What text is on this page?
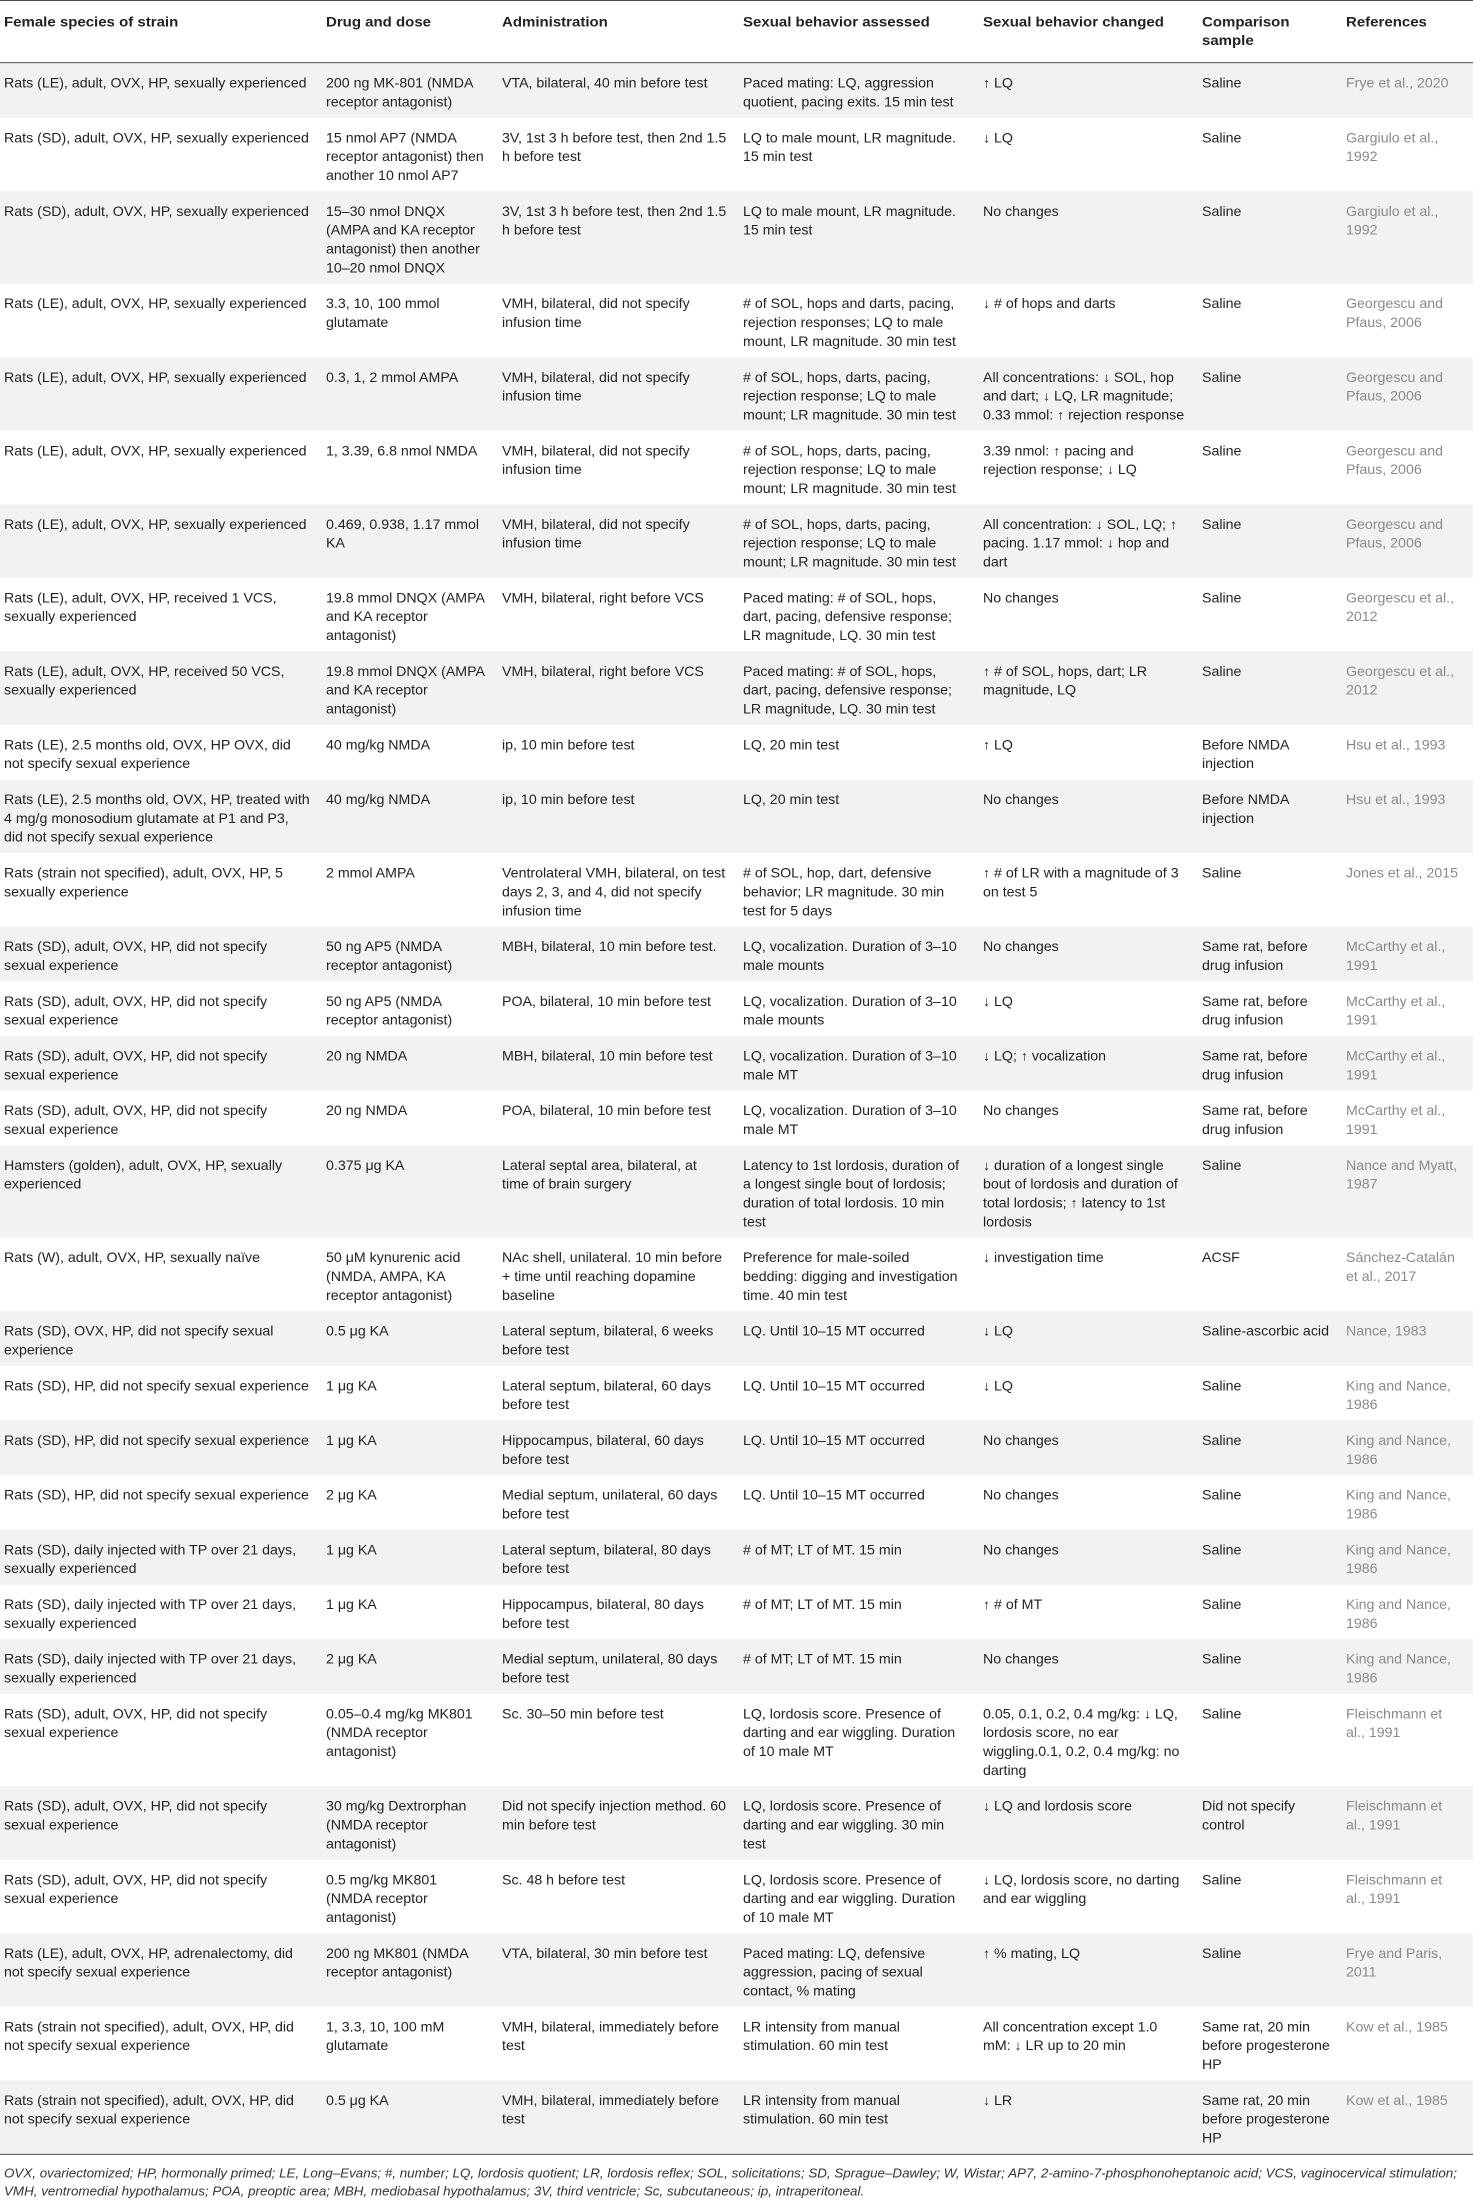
Female species of strain	Drug and dose	Administration	Sexual behavior assessed	Sexual behavior changed	Comparison sample	References
Rats (LE), adult, OVX, HP, sexually experienced	200 ng MK-801 (NMDA receptor antagonist)	VTA, bilateral, 40 min before test	Paced mating: LQ, aggression quotient, pacing exits. 15 min test	↑ LQ	Saline	Frye et al., 2020
Rats (SD), adult, OVX, HP, sexually experienced	15 nmol AP7 (NMDA receptor antagonist) then another 10 nmol AP7	3V, 1st 3 h before test, then 2nd 1.5 h before test	LQ to male mount, LR magnitude. 15 min test	↓ LQ	Saline	Gargiulo et al., 1992
Rats (SD), adult, OVX, HP, sexually experienced	15–30 nmol DNQX (AMPA and KA receptor antagonist) then another 10–20 nmol DNQX	3V, 1st 3 h before test, then 2nd 1.5 h before test	LQ to male mount, LR magnitude. 15 min test	No changes	Saline	Gargiulo et al., 1992
Rats (LE), adult, OVX, HP, sexually experienced	3.3, 10, 100 mmol glutamate	VMH, bilateral, did not specify infusion time	# of SOL, hops and darts, pacing, rejection responses; LQ to male mount, LR magnitude. 30 min test	↓ # of hops and darts	Saline	Georgescu and Pfaus, 2006
Rats (LE), adult, OVX, HP, sexually experienced	0.3, 1, 2 mmol AMPA	VMH, bilateral, did not specify infusion time	# of SOL, hops, darts, pacing, rejection response; LQ to male mount; LR magnitude. 30 min test	All concentrations: ↓ SOL, hop and dart; ↓ LQ, LR magnitude; 0.33 mmol: ↑ rejection response	Saline	Georgescu and Pfaus, 2006
Rats (LE), adult, OVX, HP, sexually experienced	1, 3.39, 6.8 nmol NMDA	VMH, bilateral, did not specify infusion time	# of SOL, hops, darts, pacing, rejection response; LQ to male mount; LR magnitude. 30 min test	3.39 nmol: ↑ pacing and rejection response; ↓ LQ	Saline	Georgescu and Pfaus, 2006
Rats (LE), adult, OVX, HP, sexually experienced	0.469, 0.938, 1.17 mmol KA	VMH, bilateral, did not specify infusion time	# of SOL, hops, darts, pacing, rejection response; LQ to male mount; LR magnitude. 30 min test	All concentration: ↓ SOL, LQ; ↑ pacing. 1.17 mmol: ↓ hop and dart	Saline	Georgescu and Pfaus, 2006
Rats (LE), adult, OVX, HP, received 1 VCS, sexually experienced	19.8 mmol DNQX (AMPA and KA receptor antagonist)	VMH, bilateral, right before VCS	Paced mating: # of SOL, hops, dart, pacing, defensive response; LR magnitude, LQ. 30 min test	No changes	Saline	Georgescu et al., 2012
Rats (LE), adult, OVX, HP, received 50 VCS, sexually experienced	19.8 mmol DNQX (AMPA and KA receptor antagonist)	VMH, bilateral, right before VCS	Paced mating: # of SOL, hops, dart, pacing, defensive response; LR magnitude, LQ. 30 min test	↑ # of SOL, hops, dart; LR magnitude, LQ	Saline	Georgescu et al., 2012
Rats (LE), 2.5 months old, OVX, HP OVX, did not specify sexual experience	40 mg/kg NMDA	ip, 10 min before test	LQ, 20 min test	↑ LQ	Before NMDA injection	Hsu et al., 1993
Rats (LE), 2.5 months old, OVX, HP, treated with 4 mg/g monosodium glutamate at P1 and P3, did not specify sexual experience	40 mg/kg NMDA	ip, 10 min before test	LQ, 20 min test	No changes	Before NMDA injection	Hsu et al., 1993
Rats (strain not specified), adult, OVX, HP, 5 sexually experience	2 mmol AMPA	Ventrolateral VMH, bilateral, on test days 2, 3, and 4, did not specify infusion time	# of SOL, hop, dart, defensive behavior; LR magnitude. 30 min test for 5 days	↑ # of LR with a magnitude of 3 on test 5	Saline	Jones et al., 2015
Rats (SD), adult, OVX, HP, did not specify sexual experience	50 ng AP5 (NMDA receptor antagonist)	MBH, bilateral, 10 min before test.	LQ, vocalization. Duration of 3–10 male mounts	No changes	Same rat, before drug infusion	McCarthy et al., 1991
Rats (SD), adult, OVX, HP, did not specify sexual experience	50 ng AP5 (NMDA receptor antagonist)	POA, bilateral, 10 min before test	LQ, vocalization. Duration of 3–10 male mounts	↓ LQ	Same rat, before drug infusion	McCarthy et al., 1991
Rats (SD), adult, OVX, HP, did not specify sexual experience	20 ng NMDA	MBH, bilateral, 10 min before test	LQ, vocalization. Duration of 3–10 male MT	↓ LQ; ↑ vocalization	Same rat, before drug infusion	McCarthy et al., 1991
Rats (SD), adult, OVX, HP, did not specify sexual experience	20 ng NMDA	POA, bilateral, 10 min before test	LQ, vocalization. Duration of 3–10 male MT	No changes	Same rat, before drug infusion	McCarthy et al., 1991
Hamsters (golden), adult, OVX, HP, sexually experienced	0.375 μg KA	Lateral septal area, bilateral, at time of brain surgery	Latency to 1st lordosis, duration of a longest single bout of lordosis; duration of total lordosis. 10 min test	↓ duration of a longest single bout of lordosis and duration of total lordosis; ↑ latency to 1st lordosis	Saline	Nance and Myatt, 1987
Rats (W), adult, OVX, HP, sexually naïve	50 μM kynurenic acid (NMDA, AMPA, KA receptor antagonist)	NAc shell, unilateral. 10 min before + time until reaching dopamine baseline	Preference for male-soiled bedding: digging and investigation time. 40 min test	↓ investigation time	ACSF	Sánchez-Catalán et al., 2017
Rats (SD), OVX, HP, did not specify sexual experience	0.5 μg KA	Lateral septum, bilateral, 6 weeks before test	LQ. Until 10–15 MT occurred	↓ LQ	Saline-ascorbic acid	Nance, 1983
Rats (SD), HP, did not specify sexual experience	1 μg KA	Lateral septum, bilateral, 60 days before test	LQ. Until 10–15 MT occurred	↓ LQ	Saline	King and Nance, 1986
Rats (SD), HP, did not specify sexual experience	1 μg KA	Hippocampus, bilateral, 60 days before test	LQ. Until 10–15 MT occurred	No changes	Saline	King and Nance, 1986
Rats (SD), HP, did not specify sexual experience	2 μg KA	Medial septum, unilateral, 60 days before test	LQ. Until 10–15 MT occurred	No changes	Saline	King and Nance, 1986
Rats (SD), daily injected with TP over 21 days, sexually experienced	1 μg KA	Lateral septum, bilateral, 80 days before test	# of MT; LT of MT. 15 min	No changes	Saline	King and Nance, 1986
Rats (SD), daily injected with TP over 21 days, sexually experienced	1 μg KA	Hippocampus, bilateral, 80 days before test	# of MT; LT of MT. 15 min	↑ # of MT	Saline	King and Nance, 1986
Rats (SD), daily injected with TP over 21 days, sexually experienced	2 μg KA	Medial septum, unilateral, 80 days before test	# of MT; LT of MT. 15 min	No changes	Saline	King and Nance, 1986
Rats (SD), adult, OVX, HP, did not specify sexual experience	0.05–0.4 mg/kg MK801 (NMDA receptor antagonist)	Sc. 30–50 min before test	LQ, lordosis score. Presence of darting and ear wiggling. Duration of 10 male MT	0.05, 0.1, 0.2, 0.4 mg/kg: ↓ LQ, lordosis score, no ear wiggling.0.1, 0.2, 0.4 mg/kg: no darting	Saline	Fleischmann et al., 1991
Rats (SD), adult, OVX, HP, did not specify sexual experience	30 mg/kg Dextrorphan (NMDA receptor antagonist)	Did not specify injection method. 60 min before test	LQ, lordosis score. Presence of darting and ear wiggling. 30 min test	↓ LQ and lordosis score	Did not specify control	Fleischmann et al., 1991
Rats (SD), adult, OVX, HP, did not specify sexual experience	0.5 mg/kg MK801 (NMDA receptor antagonist)	Sc. 48 h before test	LQ, lordosis score. Presence of darting and ear wiggling. Duration of 10 male MT	↓ LQ, lordosis score, no darting and ear wiggling	Saline	Fleischmann et al., 1991
Rats (LE), adult, OVX, HP, adrenalectomy, did not specify sexual experience	200 ng MK801 (NMDA receptor antagonist)	VTA, bilateral, 30 min before test	Paced mating: LQ, defensive aggression, pacing of sexual contact, % mating	↑ % mating, LQ	Saline	Frye and Paris, 2011
Rats (strain not specified), adult, OVX, HP, did not specify sexual experience	1, 3.3, 10, 100 mM glutamate	VMH, bilateral, immediately before test	LR intensity from manual stimulation. 60 min test	All concentration except 1.0 mM: ↓ LR up to 20 min	Same rat, 20 min before progesterone HP	Kow et al., 1985
Rats (strain not specified), adult, OVX, HP, did not specify sexual experience	0.5 μg KA	VMH, bilateral, immediately before test	LR intensity from manual stimulation. 60 min test	↓ LR	Same rat, 20 min before progesterone HP	Kow et al., 1985
OVX, ovariectomized; HP, hormonally primed; LE, Long–Evans; #, number; LQ, lordosis quotient; LR, lordosis reflex; SOL, solicitations; SD, Sprague–Dawley; W, Wistar; AP7, 2-amino-7-phosphonoheptanoic acid; VCS, vaginocervical stimulation; VMH, ventromedial hypothalamus; POA, preoptic area; MBH, mediobasal hypothalamus; 3V, third ventricle; Sc, subcutaneous; ip, intraperitoneal.
